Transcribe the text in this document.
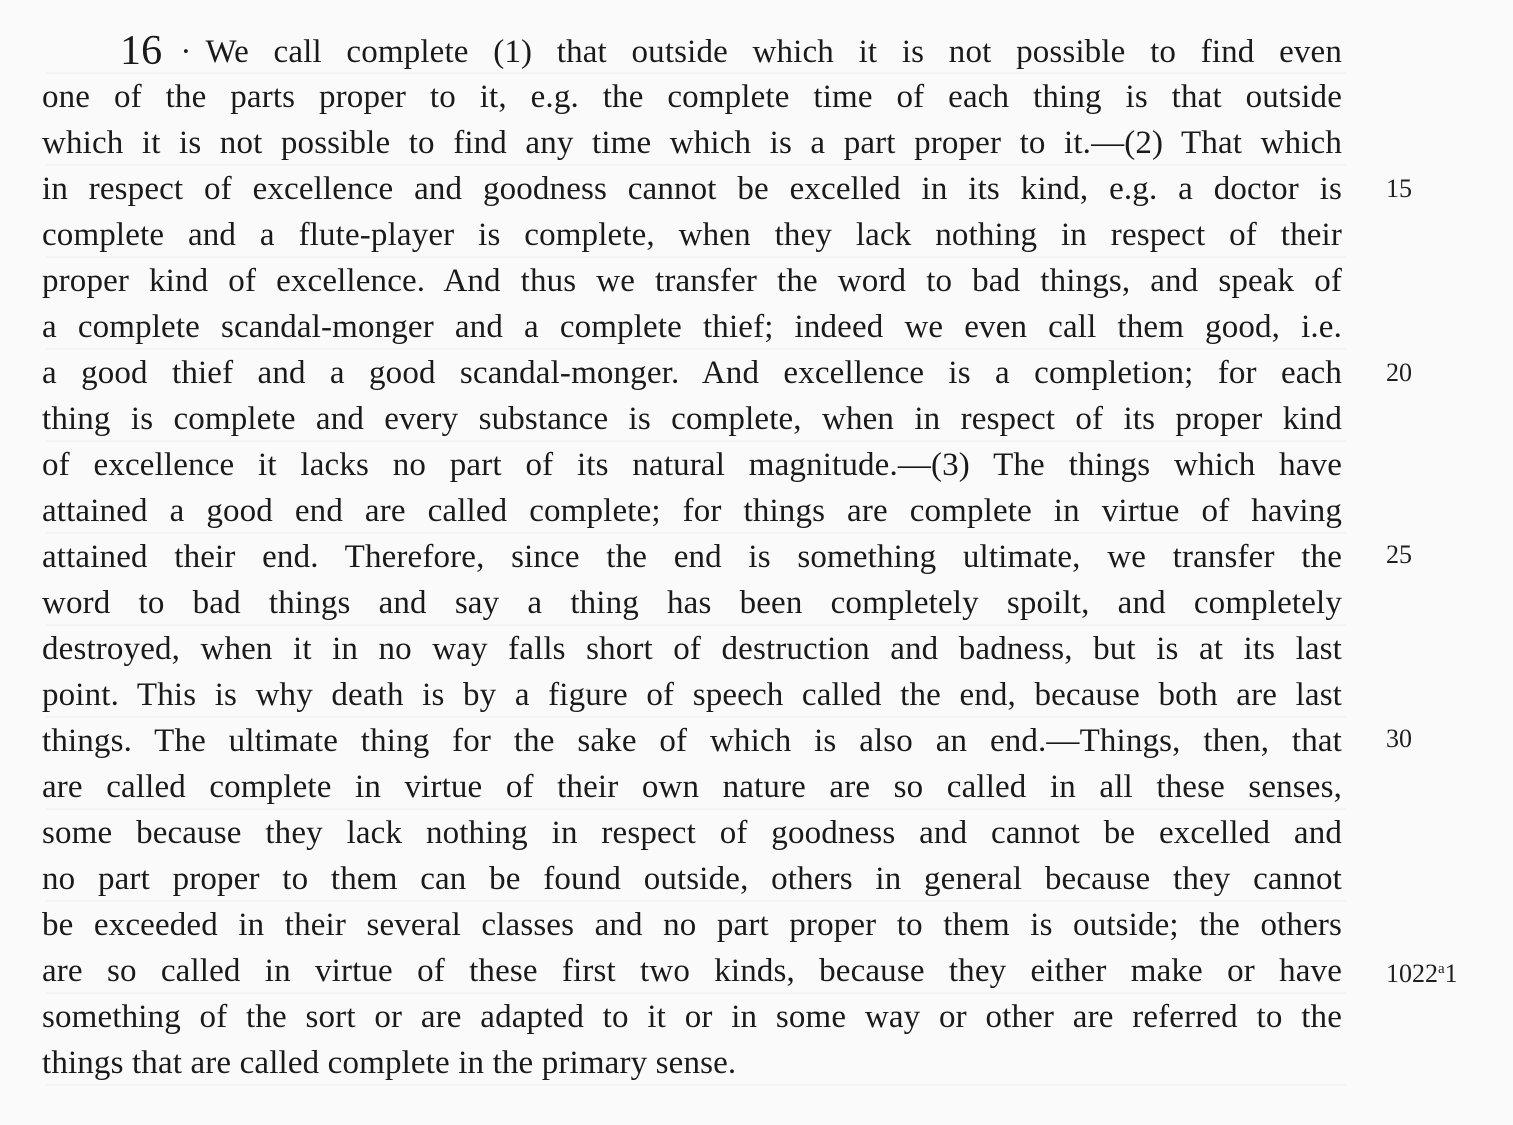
16 · We call complete (1) that outside which it is not possible to find even
one of the parts proper to it, e.g. the complete time of each thing is that outside
which it is not possible to find any time which is a part proper to it.—(2) That which
in respect of excellence and goodness cannot be excelled in its kind, e.g. a doctor is
complete and a flute-player is complete, when they lack nothing in respect of their
proper kind of excellence. And thus we transfer the word to bad things, and speak of
a complete scandal-monger and a complete thief; indeed we even call them good, i.e.
a good thief and a good scandal-monger. And excellence is a completion; for each
thing is complete and every substance is complete, when in respect of its proper kind
of excellence it lacks no part of its natural magnitude.—(3) The things which have
attained a good end are called complete; for things are complete in virtue of having
attained their end. Therefore, since the end is something ultimate, we transfer the
word to bad things and say a thing has been completely spoilt, and completely
destroyed, when it in no way falls short of destruction and badness, but is at its last
point. This is why death is by a figure of speech called the end, because both are last
things. The ultimate thing for the sake of which is also an end.—Things, then, that
are called complete in virtue of their own nature are so called in all these senses,
some because they lack nothing in respect of goodness and cannot be excelled and
no part proper to them can be found outside, others in general because they cannot
be exceeded in their several classes and no part proper to them is outside; the others
are so called in virtue of these first two kinds, because they either make or have
something of the sort or are adapted to it or in some way or other are referred to the
things that are called complete in the primary sense.
15
20
25
30
1022$^a$1
